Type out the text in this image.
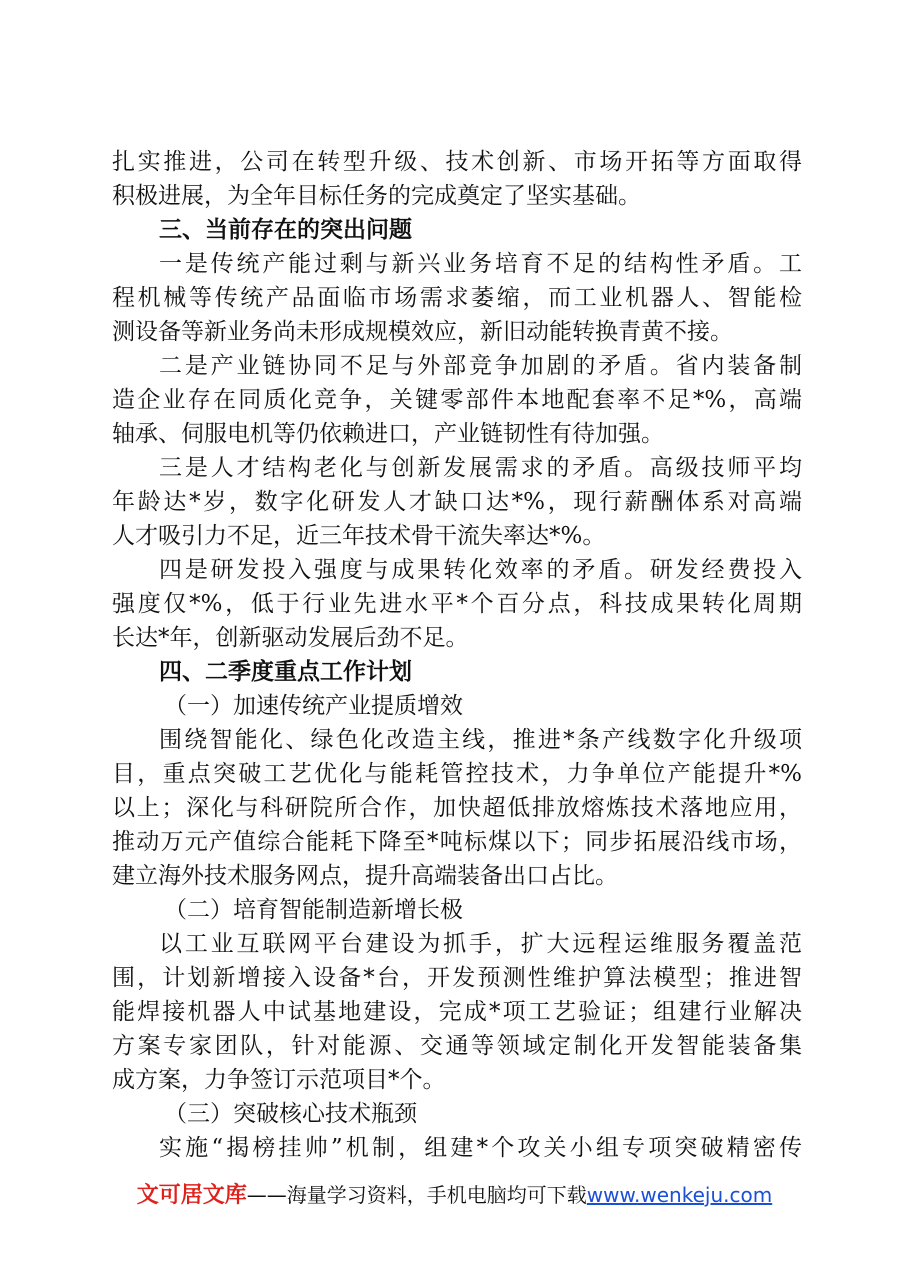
扎实推进，公司在转型升级、技术创新、市场开拓等方面取得
积极进展，为全年目标任务的完成奠定了坚实基础。
三、当前存在的突出问题
一是传统产能过剩与新兴业务培育不足的结构性矛盾。工
程机械等传统产品面临市场需求萎缩，而工业机器人、智能检
测设备等新业务尚未形成规模效应，新旧动能转换青黄不接。
二是产业链协同不足与外部竞争加剧的矛盾。省内装备制
造企业存在同质化竞争，关键零部件本地配套率不足*%，高端
轴承、伺服电机等仍依赖进口，产业链韧性有待加强。
三是人才结构老化与创新发展需求的矛盾。高级技师平均
年龄达*岁，数字化研发人才缺口达*%，现行薪酬体系对高端
人才吸引力不足，近三年技术骨干流失率达*%。
四是研发投入强度与成果转化效率的矛盾。研发经费投入
强度仅*%，低于行业先进水平*个百分点，科技成果转化周期
长达*年，创新驱动发展后劲不足。
四、二季度重点工作计划
（一）加速传统产业提质增效
围绕智能化、绿色化改造主线，推进*条产线数字化升级项
目，重点突破工艺优化与能耗管控技术，力争单位产能提升*%
以上；深化与科研院所合作，加快超低排放熔炼技术落地应用，
推动万元产值综合能耗下降至*吨标煤以下；同步拓展沿线市场，
建立海外技术服务网点，提升高端装备出口占比。
（二）培育智能制造新增长极
以工业互联网平台建设为抓手，扩大远程运维服务覆盖范
围，计划新增接入设备*台，开发预测性维护算法模型；推进智
能焊接机器人中试基地建设，完成*项工艺验证；组建行业解决
方案专家团队，针对能源、交通等领域定制化开发智能装备集
成方案，力争签订示范项目*个。
（三）突破核心技术瓶颈
实施“揭榜挂帅”机制，组建*个攻关小组专项突破精密传
文可居文库——海量学习资料，手机电脑均可下载www.wenkeju.com
